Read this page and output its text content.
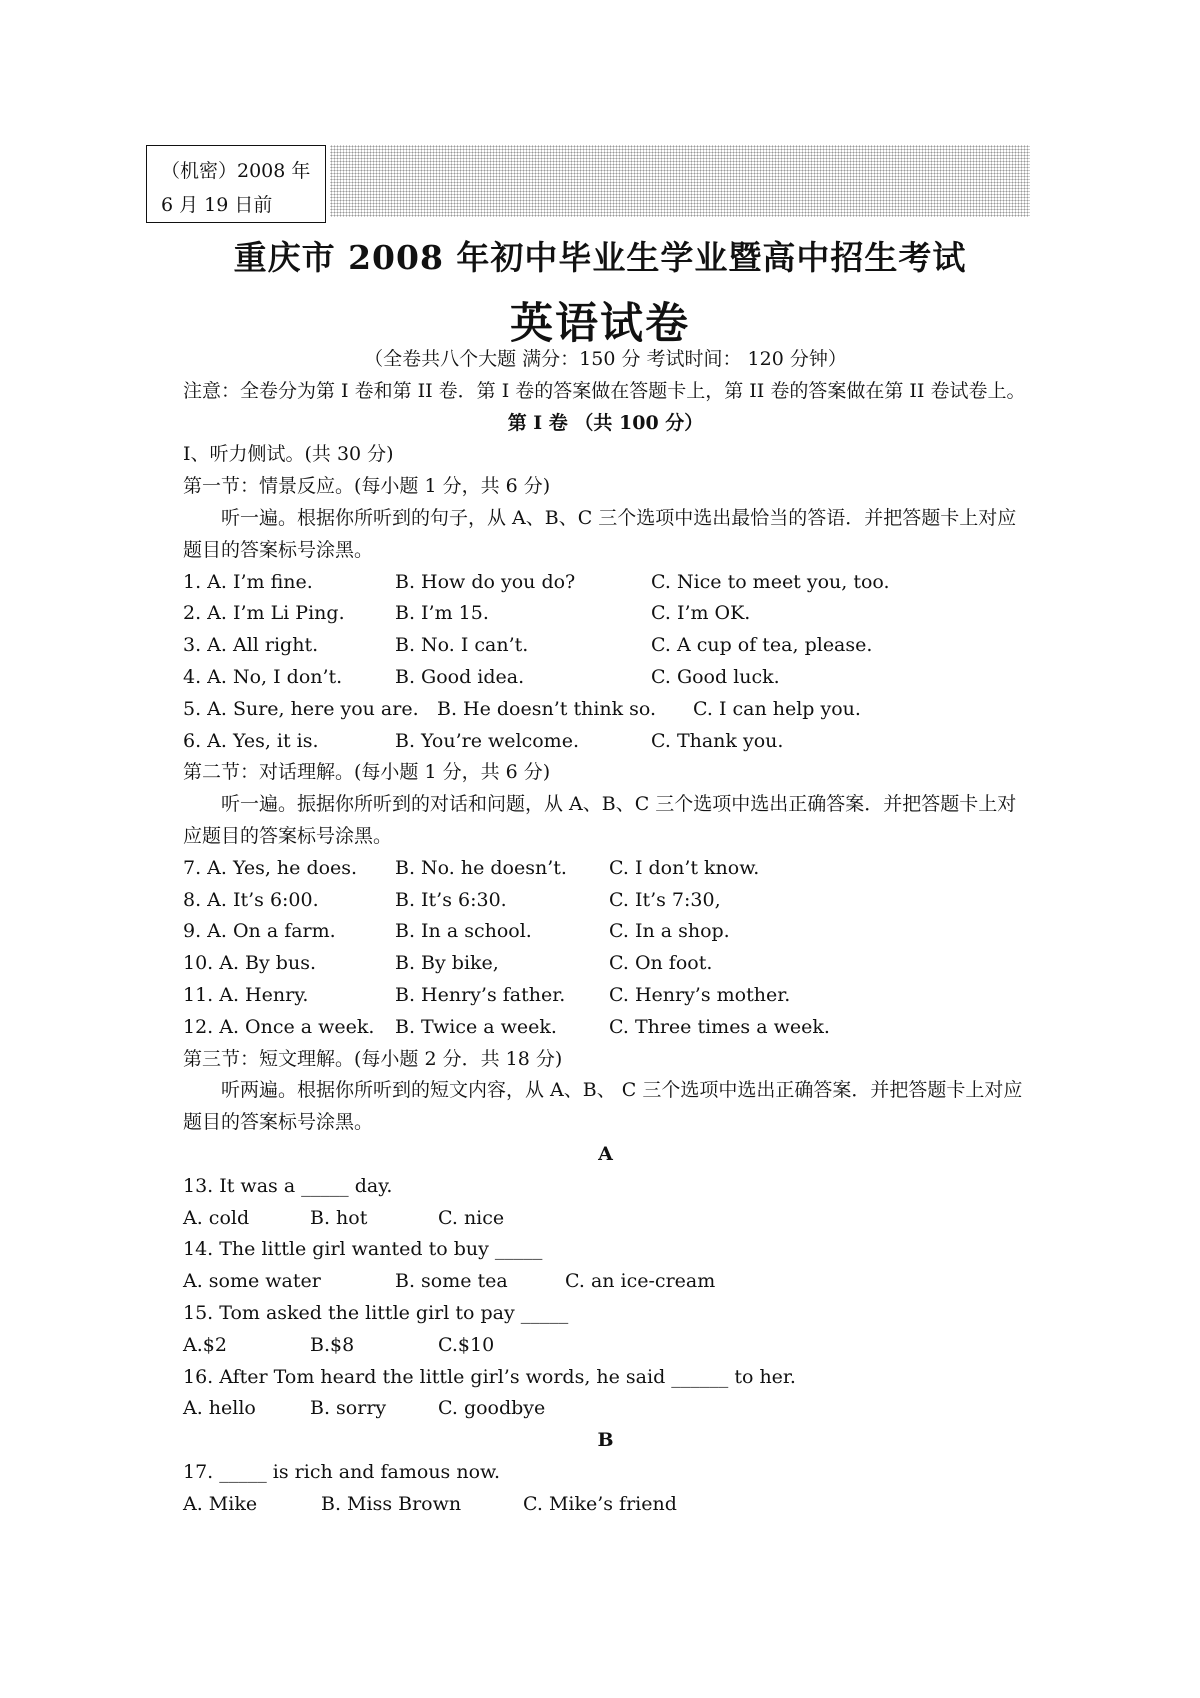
（机密）2008 年
6 月 19 日前
重庆市 2008 年初中毕业生学业暨高中招生考试
英语试卷
（全卷共八个大题 满分：150 分 考试时间： 120 分钟）
注意：全卷分为第 I 卷和第 II 卷．第 I 卷的答案做在答题卡上，第 II 卷的答案做在第 II 卷试卷上。
第 I 卷 （共 100 分）
I、听力侧试。(共 30 分)
第一节：情景反应。(每小题 1 分，共 6 分)
听一遍。根据你所听到的句子，从 A、B、C 三个选项中选出最恰当的答语．并把答题卡上对应题目的答案标号涂黑。
1. A. I’m fine.	B. How do you do?	C. Nice to meet you, too.
2. A. I’m Li Ping.	B. I’m 15.	C. I’m OK.
3. A. All right.	B. No. I can’t.	C. A cup of tea, please.
4. A. No, I don’t.	B. Good idea.	C. Good luck.
5. A. Sure, here you are. B. He doesn’t think so.	C. I can help you.
6. A. Yes, it is.	B. You’re welcome.	C. Thank you.
第二节：对话理解。(每小题 1 分，共 6 分)
听一遍。振据你所听到的对话和问题，从 A、B、C 三个选项中选出正确答案．并把答题卡上对应题目的答案标号涂黑。
7. A. Yes, he does.	B. No. he doesn’t.	C. I don’t know.
8. A. It’s 6:00.	B. It’s 6:30.	C. It’s 7:30,
9. A. On a farm.	B. In a school.	C. In a shop.
10. A. By bus.	B. By bike,	C. On foot.
11. A. Henry.	B. Henry’s father.	C. Henry’s mother.
12. A. Once a week.	B. Twice a week.	C. Three times a week.
第三节：短文理解。(每小题 2 分．共 18 分)
听两遍。根据你所听到的短文内容，从 A、B、 C 三个选项中选出正确答案．并把答题卡上对应题目的答案标号涂黑。
A
13. It was a _____ day.
A. cold	B. hot	C. nice
14. The little girl wanted to buy _____
A. some water	B. some tea	C. an ice-cream
15. Tom asked the little girl to pay _____
A.$2	B.$8	C.$10
16. After Tom heard the little girl’s words, he said ______ to her.
A. hello	B. sorry	C. goodbye
B
17. _____ is rich and famous now.
A. Mike	B. Miss Brown	C. Mike’s friend
